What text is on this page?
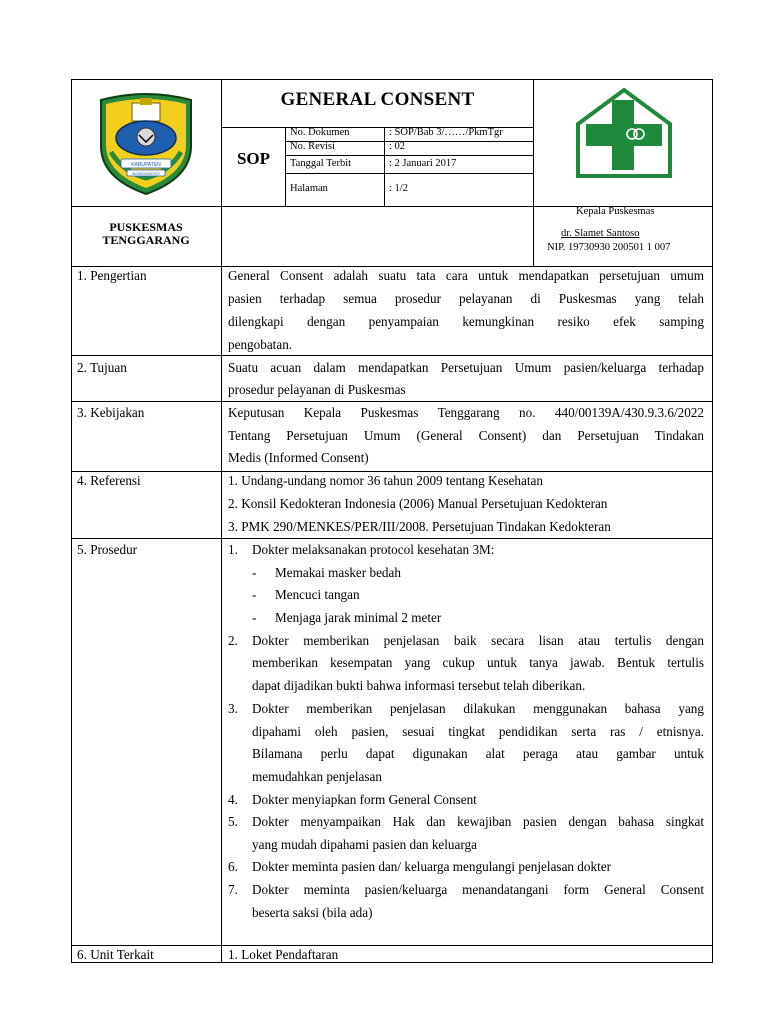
KABUPATEN
BONDOWOSO
GENERAL CONSENT
SOP
No. Dokumen	: SOP/Bab 3/……/PkmTgr
No. Revisi	: 02
Tanggal Terbit	: 2 Januari 2017
Halaman	: 1/2
PUSKESMAS
TENGGARANG
Kepala Puskesmas
dr. Slamet Santoso
NIP. 19730930 200501 1 007
1. Pengertian	General Consent adalah suatu tata cara untuk mendapatkan persetujuan umum
pasien terhadap semua prosedur pelayanan di Puskesmas yang telah
dilengkapi dengan penyampaian kemungkinan resiko efek samping
pengobatan.
2. Tujuan	Suatu acuan dalam mendapatkan Persetujuan Umum pasien/keluarga terhadap
prosedur pelayanan di Puskesmas
3. Kebijakan	Keputusan Kepala Puskesmas Tenggarang no. 440/00139A/430.9.3.6/2022
Tentang Persetujuan Umum (General Consent) dan Persetujuan Tindakan
Medis (Informed Consent)
4. Referensi	1. Undang-undang nomor 36 tahun 2009 tentang Kesehatan
2. Konsil Kedokteran Indonesia (2006) Manual Persetujuan Kedokteran
3. PMK 290/MENKES/PER/III/2008. Persetujuan Tindakan Kedokteran
5. Prosedur	1. Dokter melaksanakan protocol kesehatan 3M:
- Memakai masker bedah
- Mencuci tangan
- Menjaga jarak minimal 2 meter
2. Dokter memberikan penjelasan baik secara lisan atau tertulis dengan
memberikan kesempatan yang cukup untuk tanya jawab. Bentuk tertulis
dapat dijadikan bukti bahwa informasi tersebut telah diberikan.
3. Dokter memberikan penjelasan dilakukan menggunakan bahasa yang
dipahami oleh pasien, sesuai tingkat pendidikan serta ras / etnisnya.
Bilamana perlu dapat digunakan alat peraga atau gambar untuk
memudahkan penjelasan
4. Dokter menyiapkan form General Consent
5. Dokter menyampaikan Hak dan kewajiban pasien dengan bahasa singkat
yang mudah dipahami pasien dan keluarga
6. Dokter meminta pasien dan/ keluarga mengulangi penjelasan dokter
7. Dokter meminta pasien/keluarga menandatangani form General Consent
beserta saksi (bila ada)
6. Unit Terkait	1. Loket Pendaftaran
